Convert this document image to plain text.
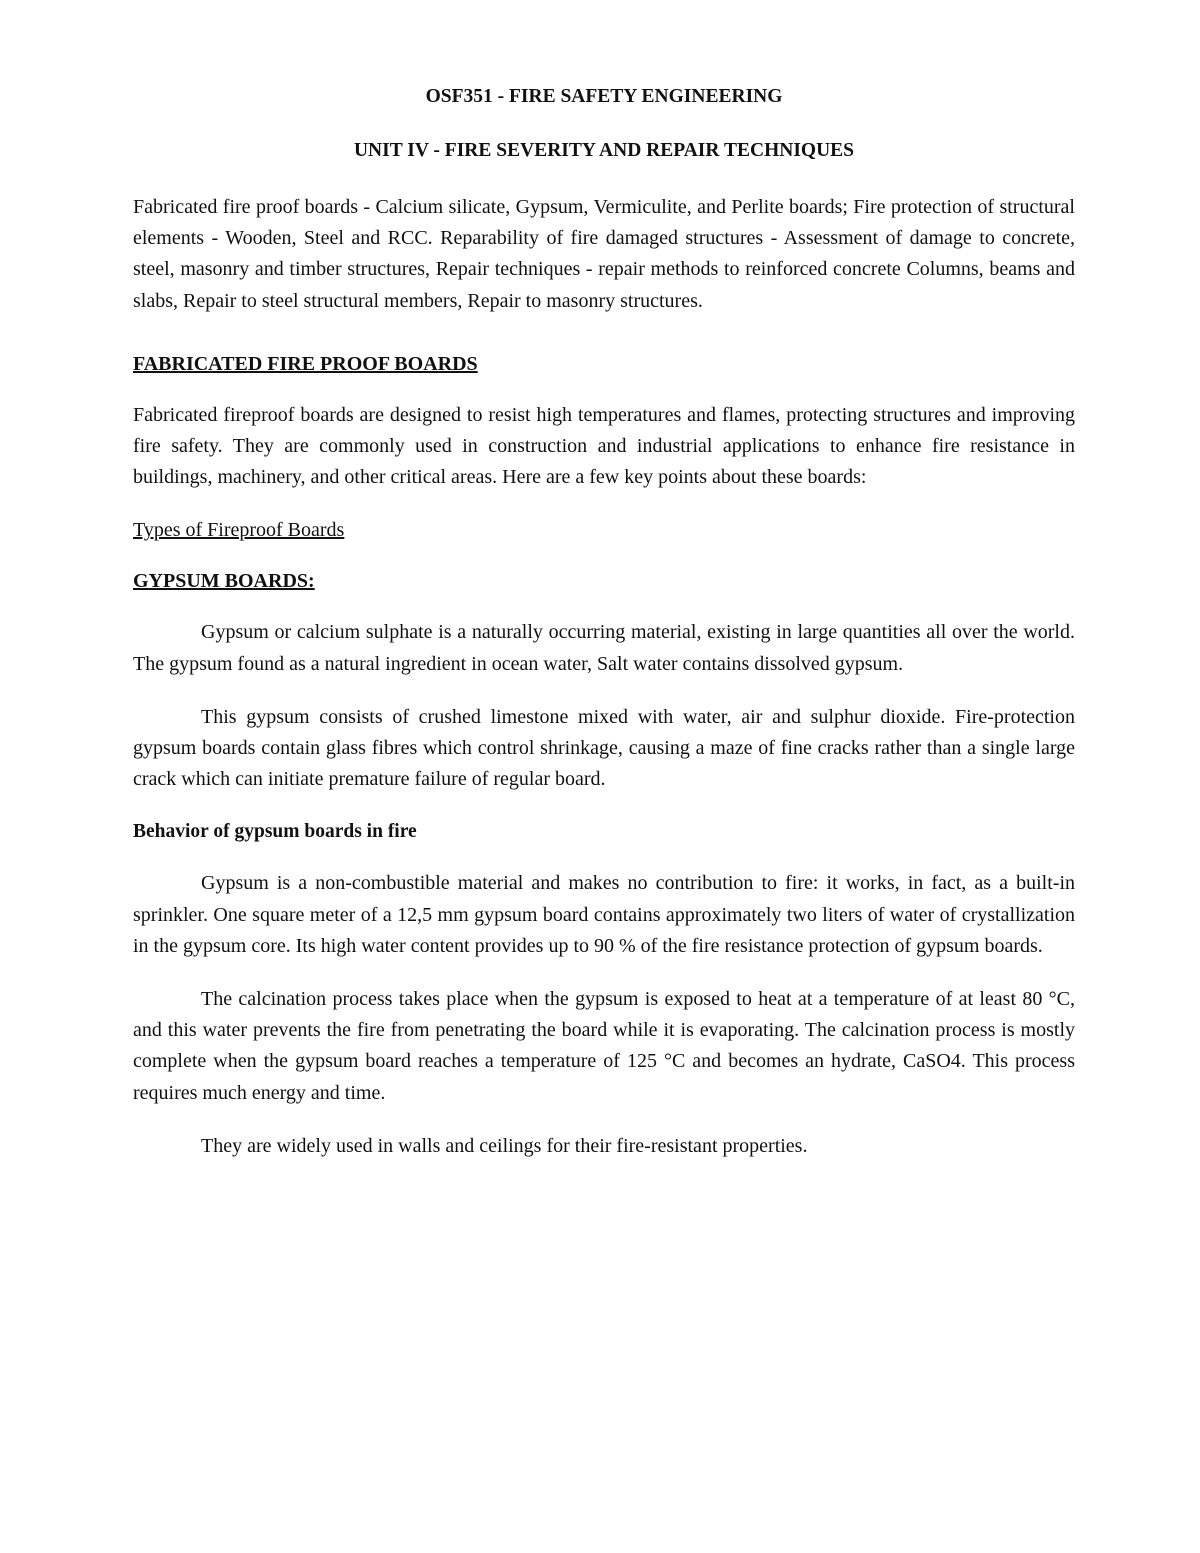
OSF351 - FIRE SAFETY ENGINEERING
UNIT IV - FIRE SEVERITY AND REPAIR TECHNIQUES

Fabricated fire proof boards - Calcium silicate, Gypsum, Vermiculite, and Perlite boards; Fire protection of structural elements - Wooden, Steel and RCC. Reparability of fire damaged structures - Assessment of damage to concrete, steel, masonry and timber structures, Repair techniques - repair methods to reinforced concrete Columns, beams and slabs, Repair to steel structural members, Repair to masonry structures.

FABRICATED FIRE PROOF BOARDS

Fabricated fireproof boards are designed to resist high temperatures and flames, protecting structures and improving fire safety. They are commonly used in construction and industrial applications to enhance fire resistance in buildings, machinery, and other critical areas. Here are a few key points about these boards:

Types of Fireproof Boards
GYPSUM BOARDS:

Gypsum or calcium sulphate is a naturally occurring material, existing in large quantities all over the world. The gypsum found as a natural ingredient in ocean water, Salt water contains dissolved gypsum.

This gypsum consists of crushed limestone mixed with water, air and sulphur dioxide. Fire-protection gypsum boards contain glass fibres which control shrinkage, causing a maze of fine cracks rather than a single large crack which can initiate premature failure of regular board.

Behavior of gypsum boards in fire

Gypsum is a non-combustible material and makes no contribution to fire: it works, in fact, as a built-in sprinkler. One square meter of a 12,5 mm gypsum board contains approximately two liters of water of crystallization in the gypsum core. Its high water content provides up to 90 % of the fire resistance protection of gypsum boards.

The calcination process takes place when the gypsum is exposed to heat at a temperature of at least 80 °C, and this water prevents the fire from penetrating the board while it is evaporating. The calcination process is mostly complete when the gypsum board reaches a temperature of 125 °C and becomes an hydrate, CaSO4. This process requires much energy and time.

They are widely used in walls and ceilings for their fire-resistant properties.
